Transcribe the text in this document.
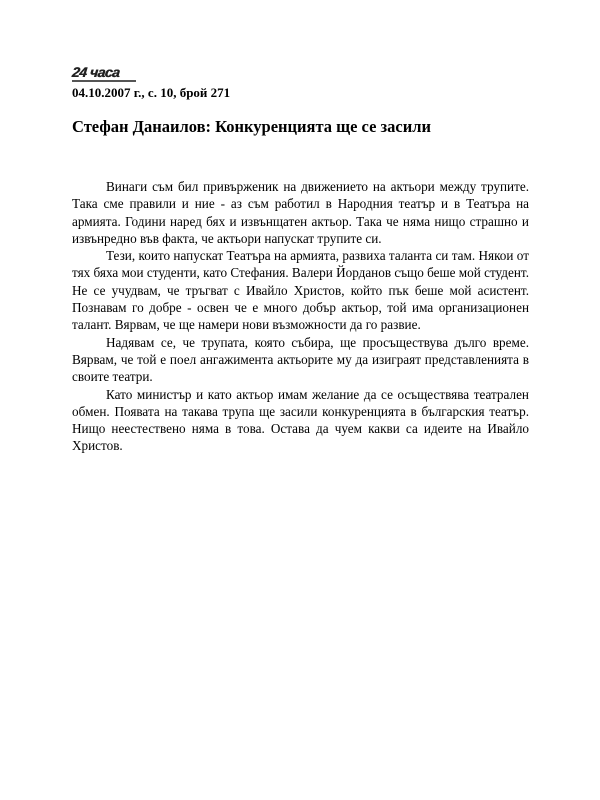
24 часа
04.10.2007 г., с. 10, брой 271
Стефан Данаилов: Конкуренцията ще се засили

Винаги съм бил привърженик на движението на актьори между трупите. Така сме правили и ние - аз съм работил в Народния театър и в Театъра на армията. Години наред бях и извънщатен актьор. Така че няма нищо страшно и извънредно във факта, че актьори напускат трупите си.

Тези, които напускат Театъра на армията, развиха таланта си там. Някои от тях бяха мои студенти, като Стефания. Валери Йорданов също беше мой студент. Не се учудвам, че тръгват с Ивайло Христов, който пък беше мой асистент. Познавам го добре - освен че е много добър актьор, той има организационен талант. Вярвам, че ще намери нови възможности да го развие.

Надявам се, че трупата, която събира, ще просъществува дълго време. Вярвам, че той е поел ангажимента актьорите му да изиграят представленията в своите театри.

Като министър и като актьор имам желание да се осъществява театрален обмен. Появата на такава трупа ще засили конкуренцията в българския театър. Нищо неестествено няма в това. Остава да чуем какви са идеите на Ивайло Христов.
